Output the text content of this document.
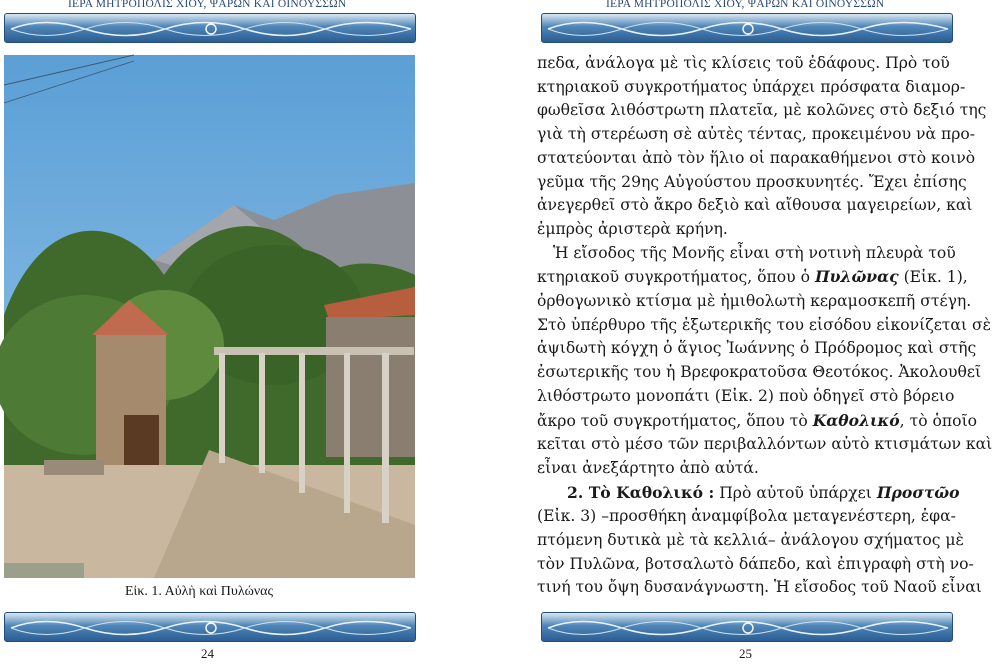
ΙΕΡΑ ΜΗΤΡΟΠΟΛΙΣ ΧΙΟΥ, ΨΑΡΩΝ ΚΑΙ ΟΙΝΟΥΣΣΩΝ
Εἰκ. 1. Αὐλὴ καὶ Πυλώνας
24
ΙΕΡΑ ΜΗΤΡΟΠΟΛΙΣ ΧΙΟΥ, ΨΑΡΩΝ ΚΑΙ ΟΙΝΟΥΣΣΩΝ

πεδα, ἀνάλογα μὲ τὶς κλίσεις τοῦ ἐδάφους. Πρὸ τοῦ

κτηριακοῦ συγκροτήματος ὑπάρχει πρόσφατα διαμορ-

φωθεῖσα λιθόστρωτη πλατεῖα, μὲ κολῶνες στὸ δεξιό της

γιὰ τὴ στερέωση σὲ αὐτὲς τέντας, προκειμένου νὰ προ-

στατεύονται ἀπὸ τὸν ἥλιο οἱ παρακαθήμενοι στὸ κοινὸ

γεῦμα τῆς 29ης Αὐγούστου προσκυνητές. Ἔχει ἐπίσης

ἀνεγερθεῖ στὸ ἄκρο δεξιὸ καὶ αἴθουσα μαγειρείων, καὶ

ἐμπρὸς ἀριστερὰ κρήνη.

Ἡ εἴσοδος τῆς Μονῆς εἶναι στὴ νοτινὴ πλευρὰ τοῦ

κτηριακοῦ συγκροτήματος, ὅπου ὁ Πυλῶνας (Εἰκ. 1),

ὀρθογωνικὸ κτίσμα μὲ ἡμιθολωτὴ κεραμοσκεπῆ στέγη.

Στὸ ὑπέρθυρο τῆς ἐξωτερικῆς του εἰσόδου εἰκονίζεται σὲ

ἁψιδωτὴ κόγχη ὁ ἅγιος Ἰωάννης ὁ Πρόδρομος καὶ στῆς

ἐσωτερικῆς του ἡ Βρεφοκρατοῦσα Θεοτόκος. Ἀκολουθεῖ

λιθόστρωτο μονοπάτι (Εἰκ. 2) ποὺ ὁδηγεῖ στὸ βόρειο

ἄκρο τοῦ συγκροτήματος, ὅπου τὸ Καθολικό, τὸ ὁποῖο

κεῖται στὸ μέσο τῶν περιβαλλόντων αὐτὸ κτισμάτων καὶ

εἶναι ἀνεξάρτητο ἀπὸ αὐτά.

2. Τὸ Καθολικό : Πρὸ αὐτοῦ ὑπάρχει Προστῶο

(Εἰκ. 3) –προσθήκη ἀναμφίβολα μεταγενέστερη, ἐφα-

πτόμενη δυτικὰ μὲ τὰ κελλιά– ἀνάλογου σχήματος μὲ

τὸν Πυλῶνα, βοτσαλωτὸ δάπεδο, καὶ ἐπιγραφὴ στὴ νο-

τινή του ὄψη δυσανάγνωστη. Ἡ εἴσοδος τοῦ Ναοῦ εἶναι

25
